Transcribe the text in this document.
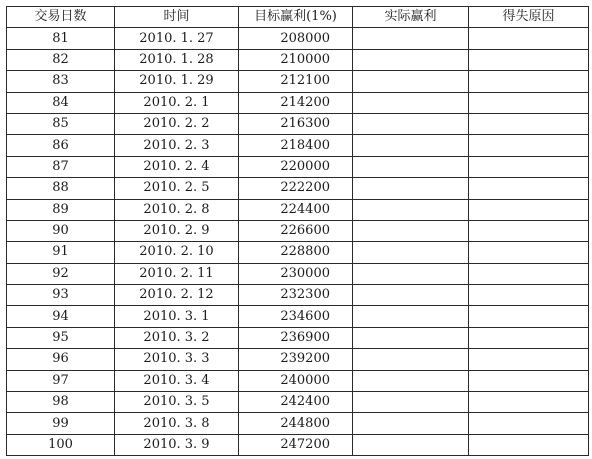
交易日数	时间	目标赢利(1%)	实际赢利	得失原因
81	2010. 1. 27	208000		
82	2010. 1. 28	210000		
83	2010. 1. 29	212100		
84	2010. 2. 1	214200		
85	2010. 2. 2	216300		
86	2010. 2. 3	218400		
87	2010. 2. 4	220000		
88	2010. 2. 5	222200		
89	2010. 2. 8	224400		
90	2010. 2. 9	226600		
91	2010. 2. 10	228800		
92	2010. 2. 11	230000		
93	2010. 2. 12	232300		
94	2010. 3. 1	234600		
95	2010. 3. 2	236900		
96	2010. 3. 3	239200		
97	2010. 3. 4	240000		
98	2010. 3. 5	242400		
99	2010. 3. 8	244800		
100	2010. 3. 9	247200		
